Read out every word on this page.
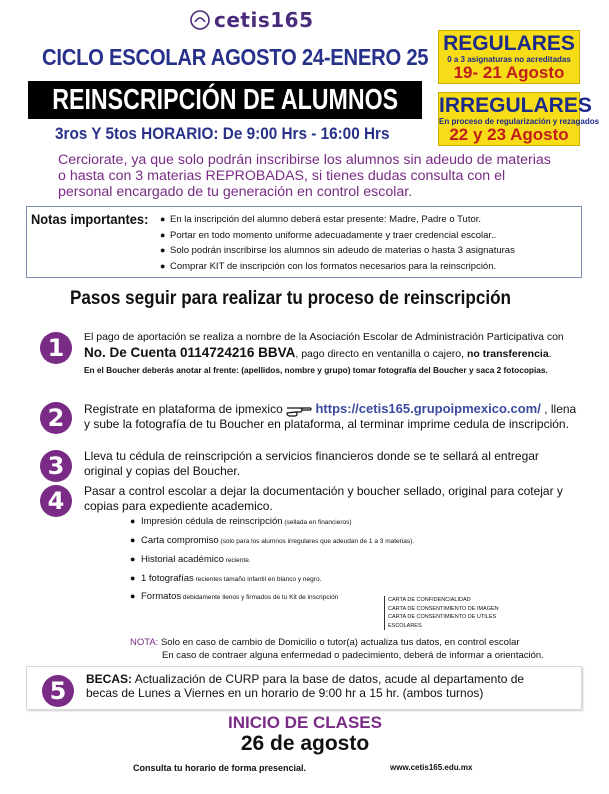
cetis165
CICLO ESCOLAR AGOSTO 24-ENERO 25
REINSCRIPCIÓN DE ALUMNOS
3ros Y 5tos HORARIO: De 9:00 Hrs - 16:00 Hrs
REGULARES
0 a 3 asignaturas no acreditadas
19- 21 Agosto
IRREGULARES
En proceso de regularización y rezagados
22 y 23 Agosto
Cerciorate, ya que solo podrán inscribirse los alumnos sin adeudo de materias o hasta con 3 materias REPROBADAS, si tienes dudas consulta con el personal encargado de tu generación en control escolar.
Notas importantes:
●	En la inscripción del alumno deberá estar presente: Madre, Padre o Tutor.
● Portar en todo momento uniforme adecuadamente y traer credencial escolar..
● Solo podrán inscribirse los alumnos sin adeudo de materias o hasta 3 asignaturas
● Comprar KIT de inscripción con los formatos necesarios para la reinscripción.
Pasos seguir para realizar tu proceso de reinscripción
1	El pago de aportación se realiza a nombre de la Asociación Escolar de Administración Participativa con No. De Cuenta 0114724216 BBVA, pago directo en ventanilla o cajero, no transferencia.
En el Boucher deberás anotar al frente: (apellidos, nombre y grupo) tomar fotografía del Boucher y saca 2 fotocopias.
2	Registrate en plataforma de ipmexico	https://cetis165.grupoipmexico.com/ , llena y sube la fotografía de tu Boucher en plataforma, al terminar imprime cedula de inscripción.
3	Lleva tu cédula de reinscripción a servicios financieros donde se te sellará al entregar original y copias del Boucher.
4	Pasar a control escolar a dejar la documentación y boucher sellado, original para cotejar y copias para expediente academico.
● Impresión cédula de reinscripción (sellada en financieros)
● Carta compromiso (solo para los alumnos irregulares que adeudan de 1 a 3 materias).
● Historial académico reciente.
● 1 fotografías recientes tamaño infantil en blanco y negro.
● Formatos debidamente llenos y firmados de tu Kit de inscripción	CARTA DE CONFIDENCIALIDAD
CARTA DE CONSENTIMIENTO DE IMAGEN
CARTA DE CONSENTIMIENTO DE UTILES ESCOLARES
NOTA: Solo en caso de cambio de Domicilio o tutor(a) actualiza tus datos, en control escolar
En caso de contraer alguna enfermedad o padecimiento, deberá de informar a orientación.
5	BECAS: Actualización de CURP para la base de datos, acude al departamento de becas de Lunes a Viernes en un horario de 9:00 hr a 15 hr. (ambos turnos)
INICIO DE CLASES
26 de agosto
Consulta tu horario de forma presencial.	www.cetis165.edu.mx
